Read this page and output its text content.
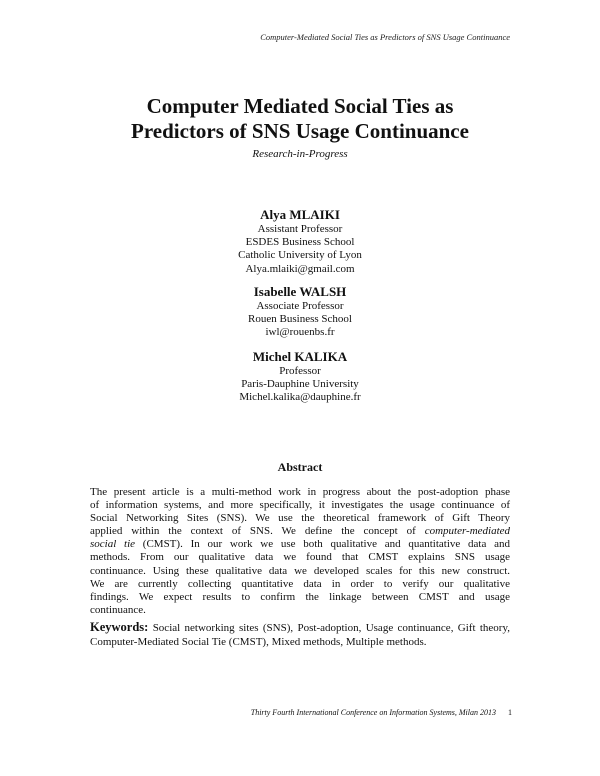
Computer-Mediated Social Ties as Predictors of SNS Usage Continuance
Computer Mediated Social Ties as
Predictors of SNS Usage Continuance
Research-in-Progress
Alya MLAIKI
Assistant Professor
ESDES Business School
Catholic University of Lyon
Alya.mlaiki@gmail.com
Isabelle WALSH
Associate Professor
Rouen Business School
iwl@rouenbs.fr
Michel KALIKA
Professor
Paris-Dauphine University
Michel.kalika@dauphine.fr
Abstract
The present article is a multi-method work in progress about the post-adoption phase
of information systems, and more specifically, it investigates the usage continuance of
Social Networking Sites (SNS). We use the theoretical framework of Gift Theory
applied within the context of SNS. We define the concept of computer-mediated
social tie (CMST). In our work we use both qualitative and quantitative data and
methods. From our qualitative data we found that CMST explains SNS usage
continuance. Using these qualitative data we developed scales for this new construct.
We are currently collecting quantitative data in order to verify our qualitative
findings. We expect results to confirm the linkage between CMST and usage
continuance.
Keywords: Social networking sites (SNS), Post-adoption, Usage continuance, Gift theory, Computer-Mediated Social Tie (CMST), Mixed methods, Multiple methods.
Thirty Fourth International Conference on Information Systems, Milan 2013 1
